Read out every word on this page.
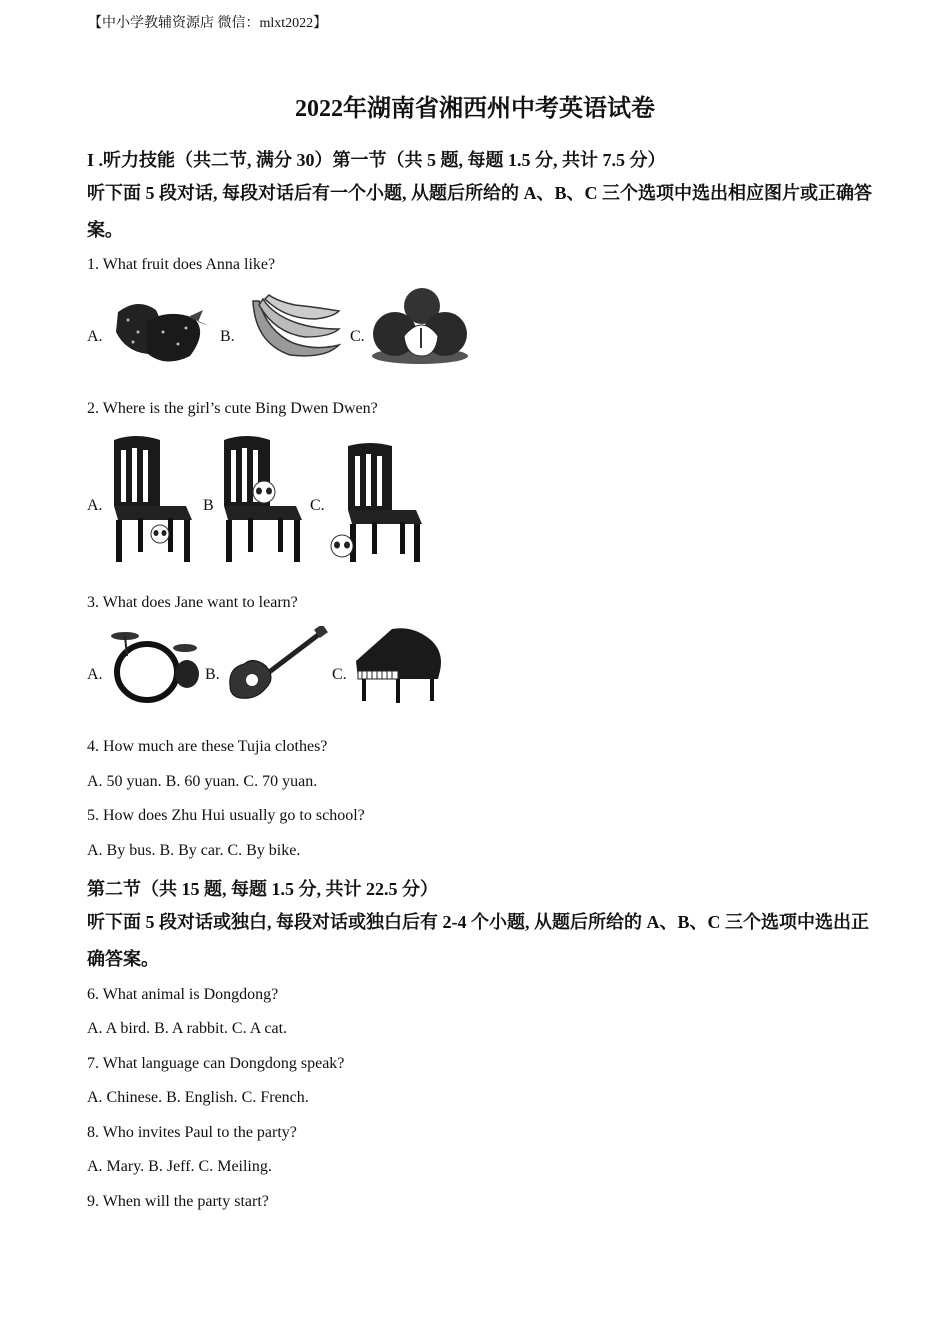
【中小学教辅资源店 微信：mlxt2022】
2022年湖南省湘西州中考英语试卷
I .听力技能（共二节, 满分 30）第一节（共 5 题, 每题 1.5 分, 共计 7.5 分）
听下面 5 段对话, 每段对话后有一个小题, 从题后所给的 A、B、C 三个选项中选出相应图片或正确答案。
1. What fruit does Anna like?
A.	B.	C.
2. Where is the girl’s cute Bing Dwen Dwen?
A.	B	C.
3. What does Jane want to learn?
A.	B.	C.
4. How much are these Tujia clothes?
A. 50 yuan. B. 60 yuan. C. 70 yuan.
5. How does Zhu Hui usually go to school?
A. By bus. B. By car. C. By bike.
第二节（共 15 题, 每题 1.5 分, 共计 22.5 分）
听下面 5 段对话或独白, 每段对话或独白后有 2-4 个小题, 从题后所给的 A、B、C 三个选项中选出正确答案。
6. What animal is Dongdong?
A. A bird. B. A rabbit. C. A cat.
7. What language can Dongdong speak?
A. Chinese. B. English. C. French.
8. Who invites Paul to the party?
A. Mary. B. Jeff. C. Meiling.
9. When will the party start?
